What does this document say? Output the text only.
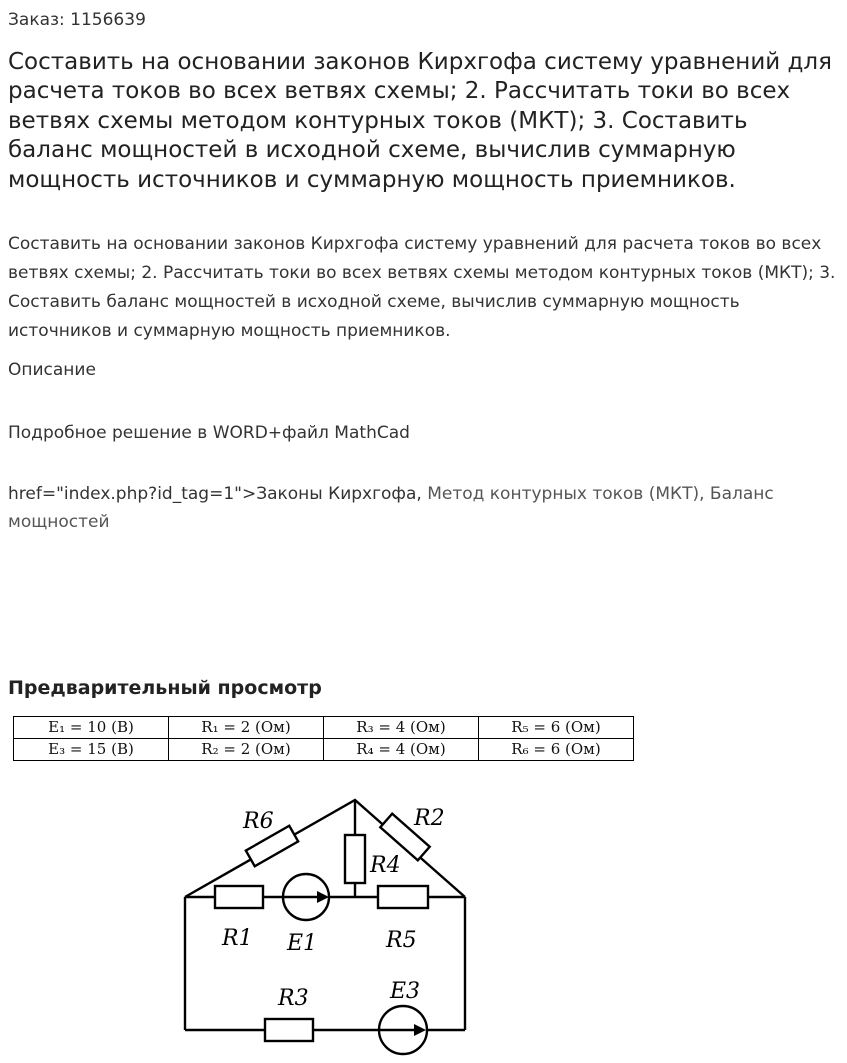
Заказ: 1156639
Составить на основании законов Кирхгофа систему уравнений для расчета токов во всех ветвях схемы; 2. Рассчитать токи во всех ветвях схемы методом контурных токов (МКТ); 3. Составить баланс мощностей в исходной схеме, вычислив суммарную мощность источников и суммарную мощность приемников.

Составить на основании законов Кирхгофа систему уравнений для расчета токов во всех ветвях схемы; 2. Рассчитать токи во всех ветвях схемы методом контурных токов (МКТ); 3. Составить баланс мощностей в исходной схеме, вычислив суммарную мощность источников и суммарную мощность приемников.

Описание
Подробное решение в WORD+файл MathCad
href="index.php?id_tag=1">Законы Кирхгофа, Метод контурных токов (МКТ), Баланс мощностей
Предварительный просмотр
E₁ = 10 (В)	R₁ = 2 (Ом)	R₃ = 4 (Ом)	R₅ = 6 (Ом)
E₃ = 15 (B)	R₂ = 2 (Ом)	R₄ = 4 (Ом)	R₆ = 6 (Ом)
R6	R2
R4
R1 E1	R5
R3	E3
